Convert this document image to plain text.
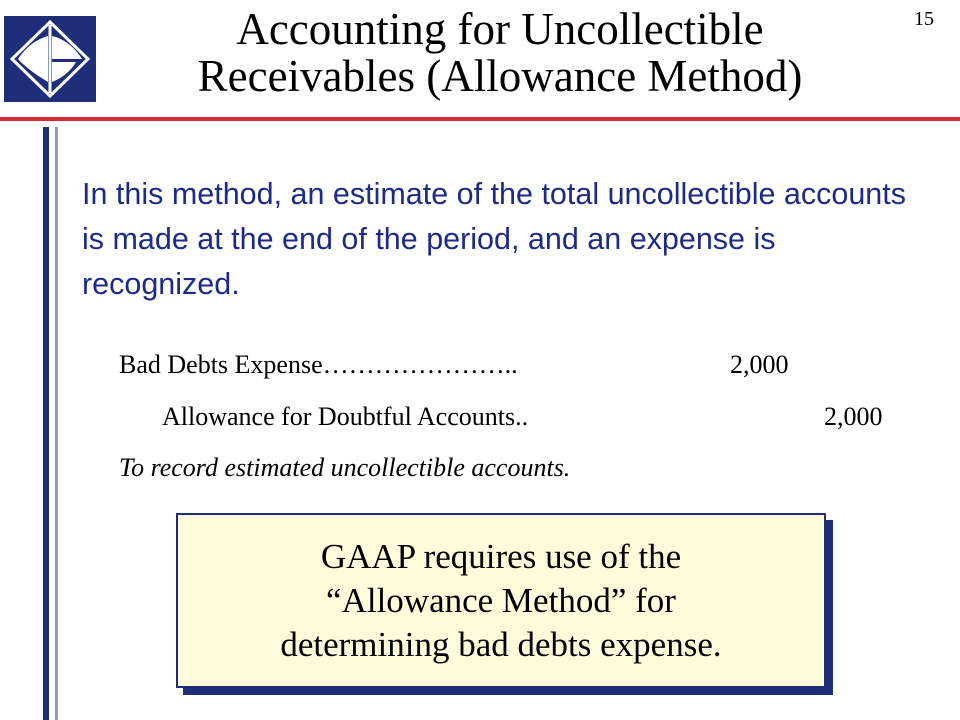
Accounting for Uncollectible
Receivables (Allowance Method)
15
In this method, an estimate of the total uncollectible accounts is made at the end of the period, and an expense is recognized.
Bad Debts Expense…………………..	2,000
Allowance for Doubtful Accounts..	2,000
To record estimated uncollectible accounts.
GAAP requires use of the
“Allowance Method” for
determining bad debts expense.
